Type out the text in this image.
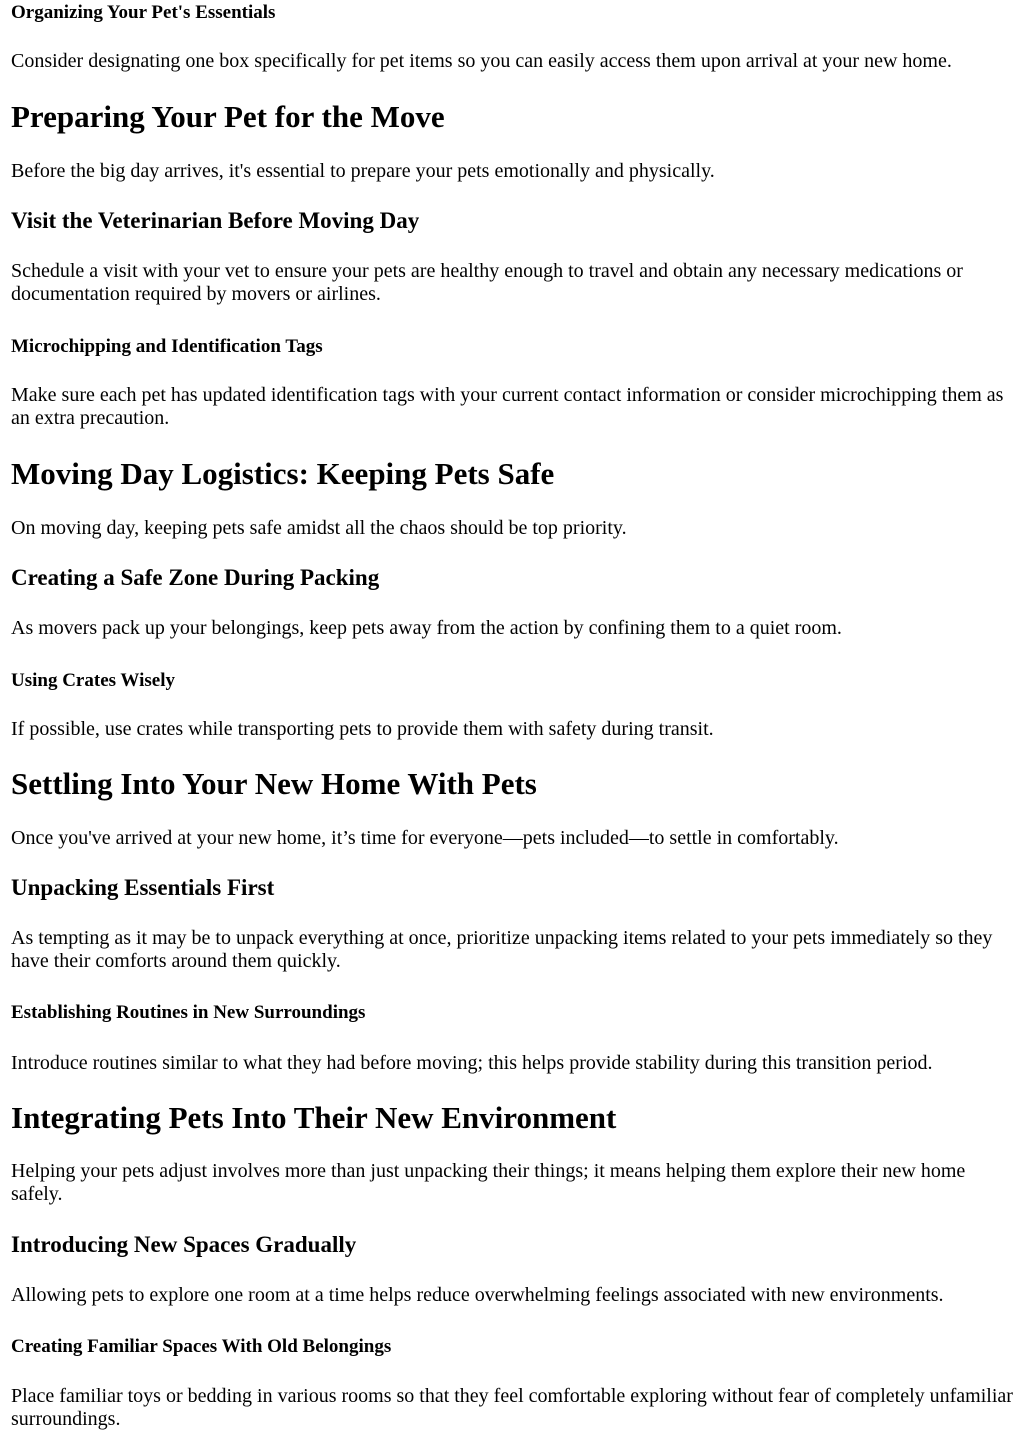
Organizing Your Pet's Essentials

Consider designating one box specifically for pet items so you can easily access them upon arrival at your new home.

Preparing Your Pet for the Move

Before the big day arrives, it's essential to prepare your pets emotionally and physically.

Visit the Veterinarian Before Moving Day

Schedule a visit with your vet to ensure your pets are healthy enough to travel and obtain any necessary medications or documentation required by movers or airlines.

Microchipping and Identification Tags

Make sure each pet has updated identification tags with your current contact information or consider microchipping them as an extra precaution.

Moving Day Logistics: Keeping Pets Safe

On moving day, keeping pets safe amidst all the chaos should be top priority.

Creating a Safe Zone During Packing

As movers pack up your belongings, keep pets away from the action by confining them to a quiet room.

Using Crates Wisely

If possible, use crates while transporting pets to provide them with safety during transit.

Settling Into Your New Home With Pets

Once you've arrived at your new home, it’s time for everyone—pets included—to settle in comfortably.

Unpacking Essentials First

As tempting as it may be to unpack everything at once, prioritize unpacking items related to your pets immediately so they have their comforts around them quickly.

Establishing Routines in New Surroundings

Introduce routines similar to what they had before moving; this helps provide stability during this transition period.

Integrating Pets Into Their New Environment

Helping your pets adjust involves more than just unpacking their things; it means helping them explore their new home safely.

Introducing New Spaces Gradually

Allowing pets to explore one room at a time helps reduce overwhelming feelings associated with new environments.

Creating Familiar Spaces With Old Belongings

Place familiar toys or bedding in various rooms so that they feel comfortable exploring without fear of completely unfamiliar surroundings.
